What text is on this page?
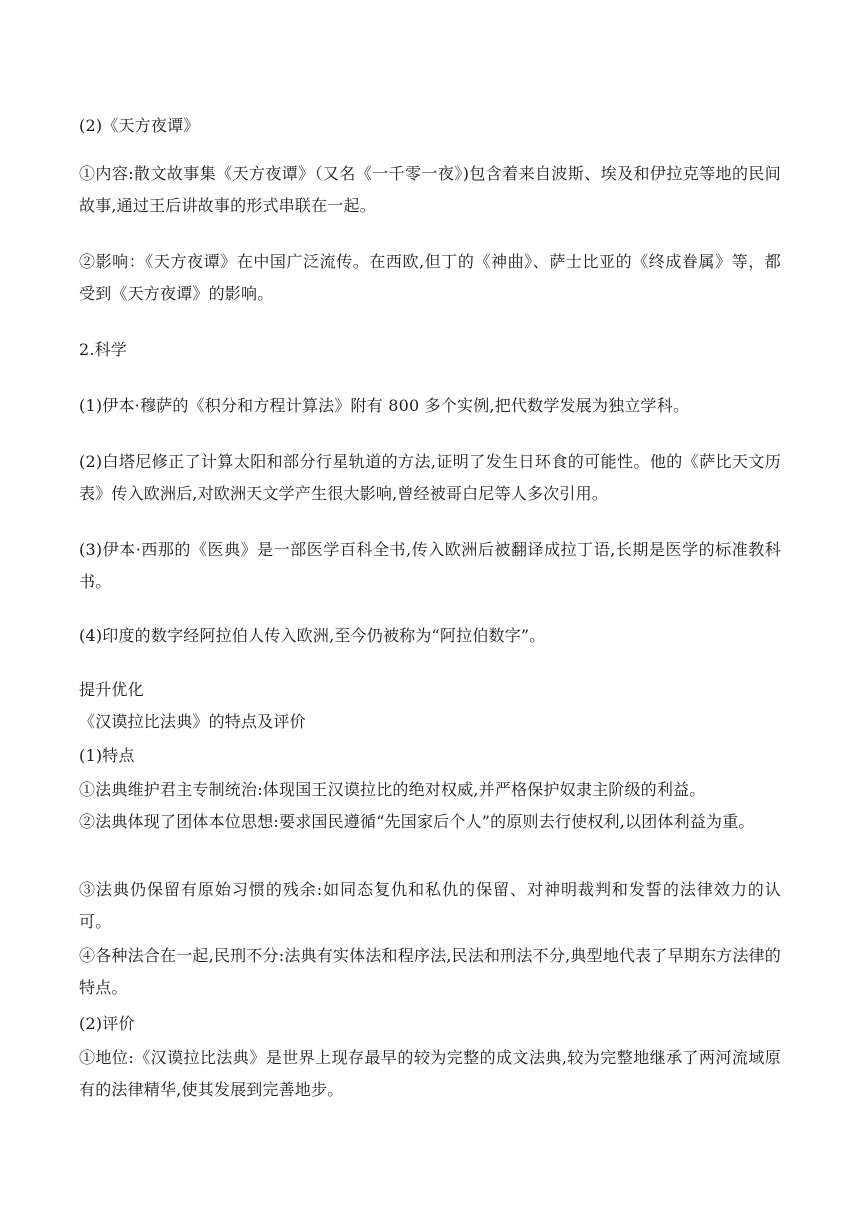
(2)《天方夜谭》

①内容:散文故事集《天方夜谭》（又名《一千零一夜》)包含着来自波斯、埃及和伊拉克等地的民间故事,通过王后讲故事的形式串联在一起。

②影响：《天方夜谭》在中国广泛流传。在西欧,但丁的《神曲》、萨士比亚的《终成眷属》等，都受到《天方夜谭》的影响。

2.科学

(1)伊本·穆萨的《积分和方程计算法》附有 800 多个实例,把代数学发展为独立学科。

(2)白塔尼修正了计算太阳和部分行星轨道的方法,证明了发生日环食的可能性。他的《萨比天文历表》传入欧洲后,对欧洲天文学产生很大影响,曾经被哥白尼等人多次引用。

(3)伊本·西那的《医典》是一部医学百科全书,传入欧洲后被翻译成拉丁语,长期是医学的标准教科书。

(4)印度的数字经阿拉伯人传入欧洲,至今仍被称为“阿拉伯数字”。

提升优化

《汉谟拉比法典》的特点及评价

(1)特点

①法典维护君主专制统治:体现国王汉谟拉比的绝对权威,并严格保护奴隶主阶级的利益。

②法典体现了团体本位思想:要求国民遵循“先国家后个人”的原则去行使权利,以团体利益为重。

③法典仍保留有原始习惯的残余:如同态复仇和私仇的保留、对神明裁判和发誓的法律效力的认可。

④各种法合在一起,民刑不分:法典有实体法和程序法,民法和刑法不分,典型地代表了早期东方法律的特点。

(2)评价

①地位:《汉谟拉比法典》是世界上现存最早的较为完整的成文法典,较为完整地继承了两河流域原有的法律精华,使其发展到完善地步。
